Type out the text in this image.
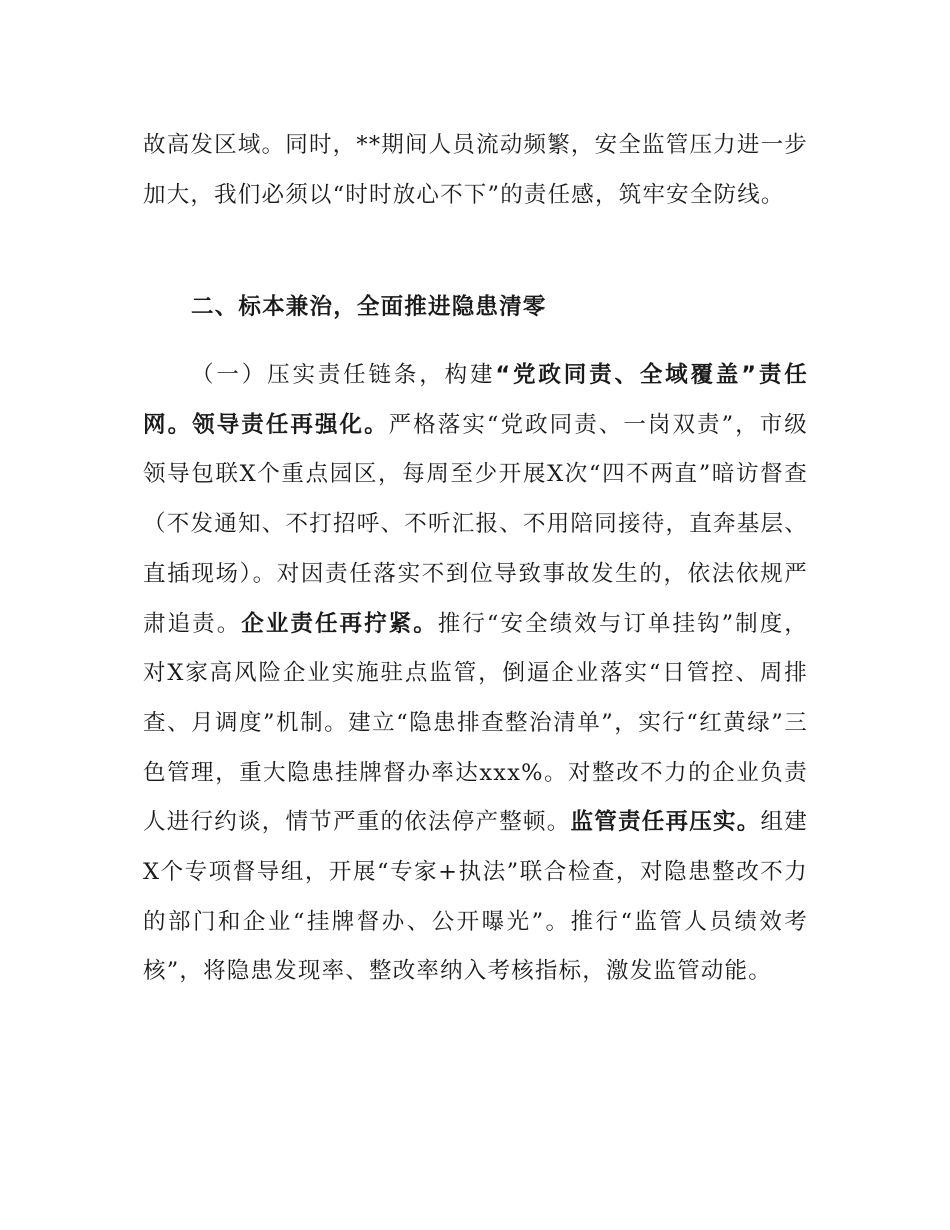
故高发区域。同时，**期间人员流动频繁，安全监管压力进一步加大，我们必须以“时时放心不下”的责任感，筑牢安全防线。
二、标本兼治，全面推进隐患清零
（一）压实责任链条，构建“党政同责、全域覆盖”责任网。领导责任再强化。严格落实“党政同责、一岗双责”，市级领导包联X个重点园区，每周至少开展X次“四不两直”暗访督查（不发通知、不打招呼、不听汇报、不用陪同接待，直奔基层、直插现场）。对因责任落实不到位导致事故发生的，依法依规严肃追责。企业责任再拧紧。推行“安全绩效与订单挂钩”制度，对X家高风险企业实施驻点监管，倒逼企业落实“日管控、周排查、月调度”机制。建立“隐患排查整治清单”，实行“红黄绿”三色管理，重大隐患挂牌督办率达xxx%。对整改不力的企业负责人进行约谈，情节严重的依法停产整顿。监管责任再压实。组建X个专项督导组，开展“专家+执法”联合检查，对隐患整改不力的部门和企业“挂牌督办、公开曝光”。推行“监管人员绩效考核”，将隐患发现率、整改率纳入考核指标，激发监管动能。
